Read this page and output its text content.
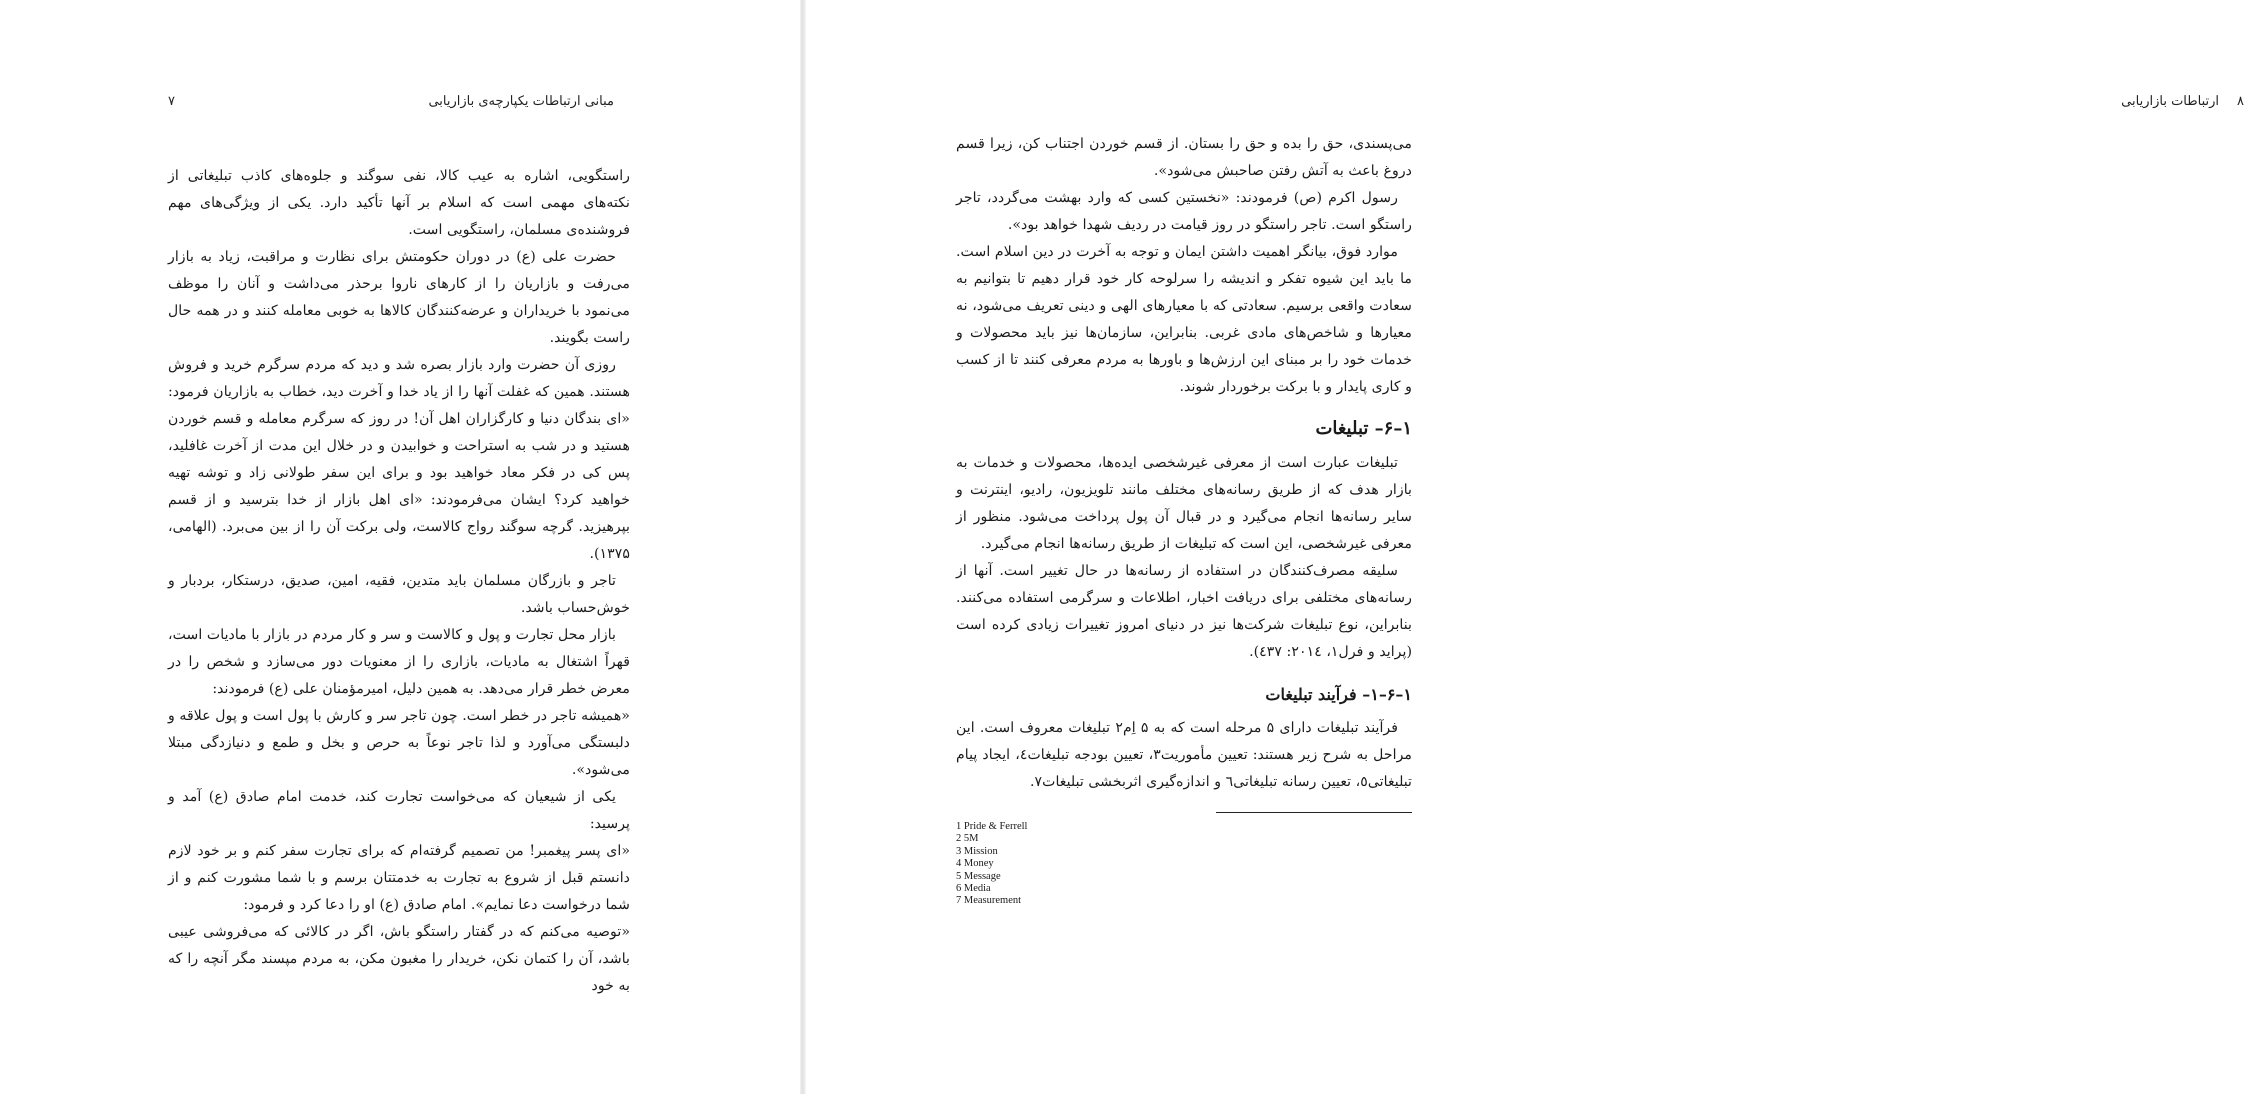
۷	مبانی ارتباطات یکپارچه‌ی بازاریابی

راستگویی، اشاره به عیب کالا، نفی سوگند و جلوه‌های کاذب تبلیغاتی از نکته‌های مهمی است که اسلام بر آنها تأکید دارد. یکی از ویژگی‌های مهم فروشنده‌ی مسلمان، راستگویی است.

حضرت علی (ع) در دوران حکومتش برای نظارت و مراقبت، زیاد به بازار می‌رفت و بازاریان را از کارهای ناروا برحذر می‌داشت و آنان را موظف می‌نمود با خریداران و عرضه‌کنندگان کالاها به خوبی معامله کنند و در همه حال راست بگویند.

روزی آن حضرت وارد بازار بصره شد و دید که مردم سرگرم خرید و فروش هستند. همین که غفلت آنها را از یاد خدا و آخرت دید، خطاب به بازاریان فرمود: «ای بندگان دنیا و کارگزاران اهل آن! در روز که سرگرم معامله و قسم خوردن هستید و در شب به استراحت و خوابیدن و در خلال این مدت از آخرت غافلید، پس کی در فکر معاد خواهید بود و برای این سفر طولانی زاد و توشه تهیه خواهید کرد؟ ایشان می‌فرمودند: «ای اهل بازار از خدا بترسید و از قسم بپرهیزید. گرچه سوگند رواج کالاست، ولی برکت آن را از بین می‌برد. (الهامی، ۱۳۷۵).

تاجر و بازرگان مسلمان باید متدین، فقیه، امین، صدیق، درستکار، بردبار و خوش‌حساب باشد.

بازار محل تجارت و پول و کالاست و سر و کار مردم در بازار با مادیات است، قهراً اشتغال به مادیات، بازاری را از معنویات دور می‌سازد و شخص را در معرض خطر قرار می‌دهد. به همین دلیل، امیرمؤمنان علی (ع) فرمودند:

«همیشه تاجر در خطر است. چون تاجر سر و کارش با پول است و پول علاقه و دلبستگی می‌آورد و لذا تاجر نوعاً به حرص و بخل و طمع و دنیازدگی مبتلا می‌شود».

یکی از شیعیان که می‌خواست تجارت کند، خدمت امام صادق (ع) آمد و پرسید:

«ای پسر پیغمبر! من تصمیم گرفته‌ام که برای تجارت سفر کنم و بر خود لازم دانستم قبل از شروع به تجارت به خدمتتان برسم و با شما مشورت کنم و از شما درخواست دعا نمایم». امام صادق (ع) او را دعا کرد و فرمود:

«توصیه می‌کنم که در گفتار راستگو باش، اگر در کالائی که می‌فروشی عیبی باشد، آن را کتمان نکن، خریدار را مغبون مکن، به مردم مپسند مگر آنچه را که به خود

۸
ارتباطات بازاریابی

می‌پسندی، حق را بده و حق را بستان. از قسم خوردن اجتناب کن، زیرا قسم دروغ باعث به آتش رفتن صاحبش می‌شود».

رسول اکرم (ص) فرمودند: «نخستین کسی که وارد بهشت می‌گردد، تاجر راستگو است. تاجر راستگو در روز قیامت در ردیف شهدا خواهد بود».

موارد فوق، بیانگر اهمیت داشتن ایمان و توجه به آخرت در دین اسلام است. ما باید این شیوه تفکر و اندیشه را سرلوحه کار خود قرار دهیم تا بتوانیم به سعادت واقعی برسیم. سعادتی که با معیارهای الهی و دینی تعریف می‌شود، نه معیارها و شاخص‌های مادی غربی. بنابراین، سازمان‌ها نیز باید محصولات و خدمات خود را بر مبنای این ارزش‌ها و باورها به مردم معرفی کنند تا از کسب و کاری پایدار و با برکت برخوردار شوند.

۱–۶– تبلیغات

تبلیغات عبارت است از معرفی غیرشخصی ایده‌ها، محصولات و خدمات به بازار هدف که از طریق رسانه‌های مختلف مانند تلویزیون، رادیو، اینترنت و سایر رسانه‌ها انجام می‌گیرد و در قبال آن پول پرداخت می‌شود. منظور از معرفی غیرشخصی، این است که تبلیغات از طریق رسانه‌ها انجام می‌گیرد.

سلیقه مصرف‌کنندگان در استفاده از رسانه‌ها در حال تغییر است. آنها از رسانه‌های مختلفی برای دریافت اخبار، اطلاعات و سرگرمی استفاده می‌کنند. بنابراین، نوع تبلیغات شرکت‌ها نیز در دنیای امروز تغییرات زیادی کرده است (پراید و فرل۱، ۲۰۱٤: ٤۳۷).

۱–۶–۱– فرآیند تبلیغات

فرآیند تبلیغات دارای ۵ مرحله است که به ۵ اِم۲ تبلیغات معروف است. این مراحل به شرح زیر هستند: تعیین مأموریت۳، تعیین بودجه تبلیغات٤، ایجاد پیام تبلیغاتی٥، تعیین رسانه تبلیغاتی٦ و اندازه‌گیری اثربخشی تبلیغات۷.

1 Pride & Ferrell
2 5M
3 Mission
4 Money
5 Message
6 Media
7 Measurement
